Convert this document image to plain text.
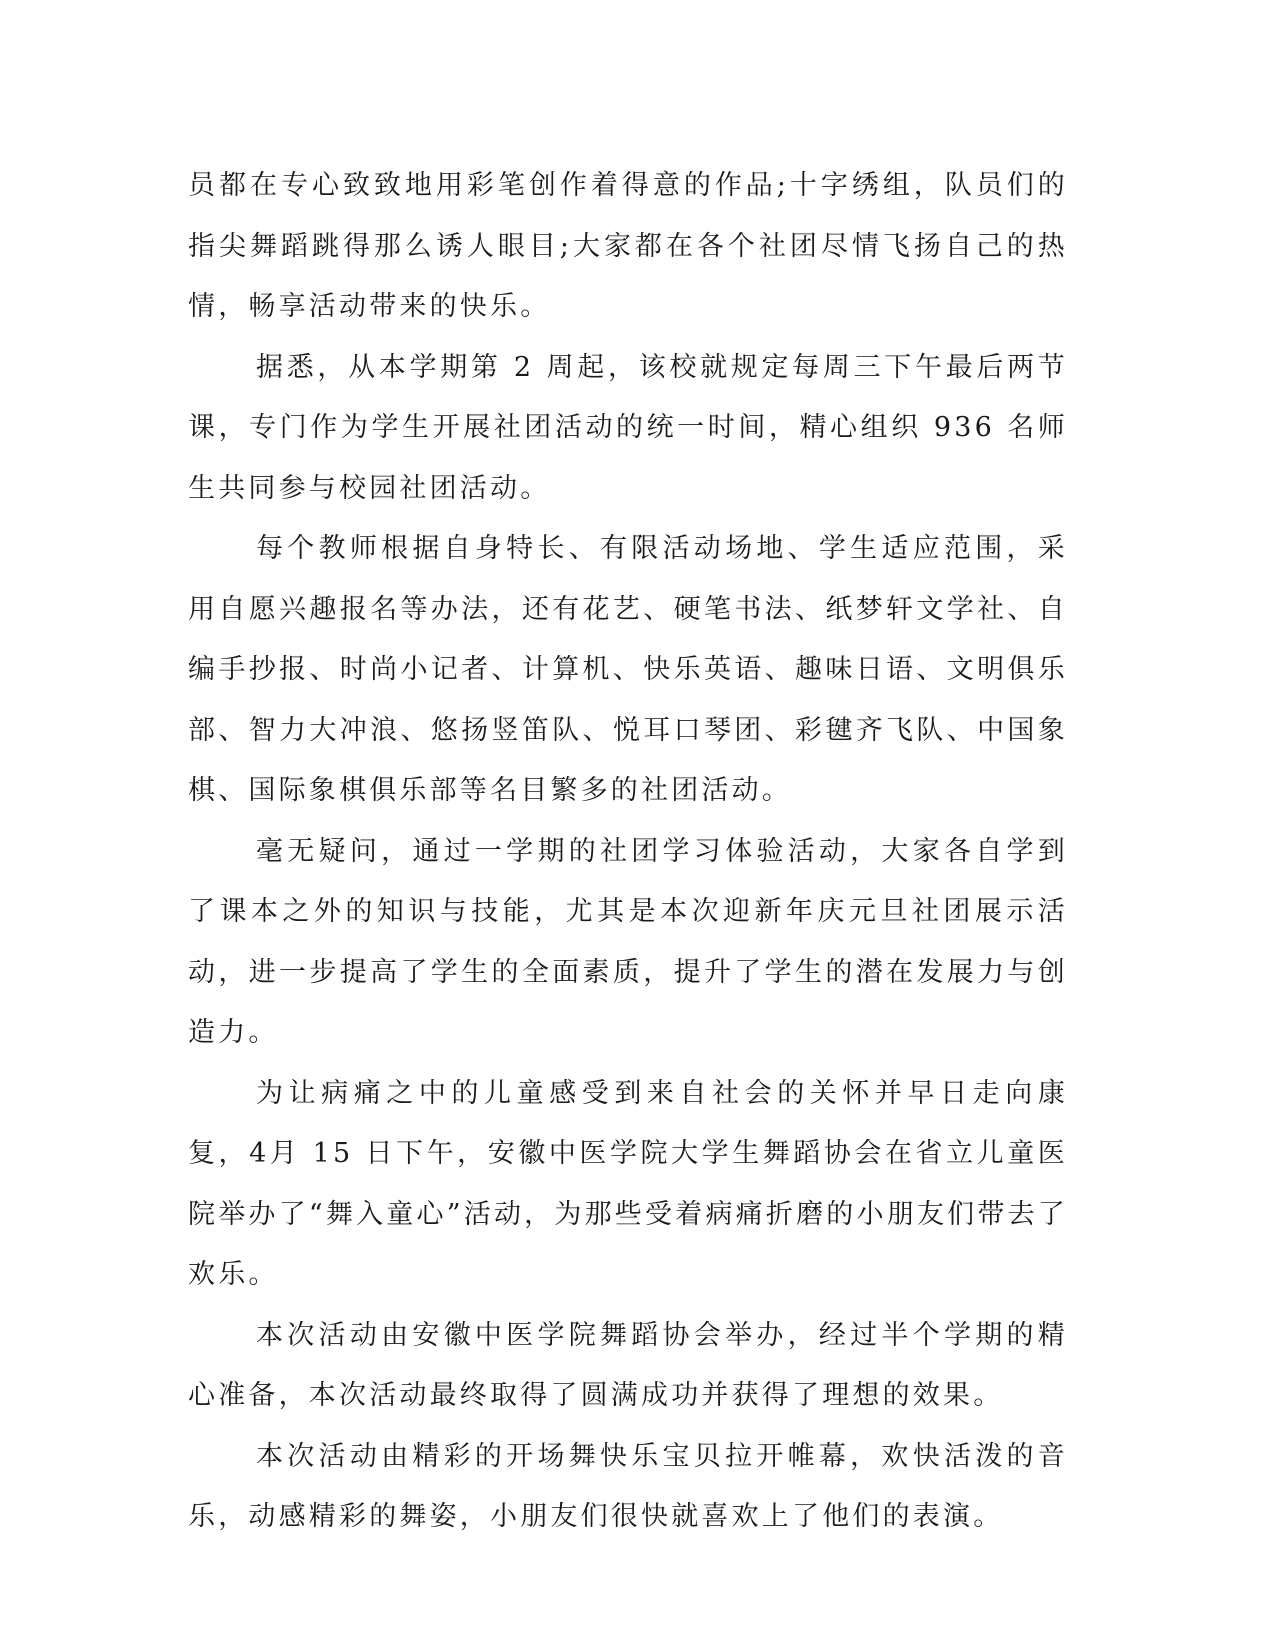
员都在专心致致地用彩笔创作着得意的作品;十字绣组，队员们的指尖舞蹈跳得那么诱人眼目;大家都在各个社团尽情飞扬自己的热情，畅享活动带来的快乐。

据悉，从本学期第 2 周起，该校就规定每周三下午最后两节课，专门作为学生开展社团活动的统一时间，精心组织 936 名师生共同参与校园社团活动。

每个教师根据自身特长、有限活动场地、学生适应范围，采用自愿兴趣报名等办法，还有花艺、硬笔书法、纸梦轩文学社、自编手抄报、时尚小记者、计算机、快乐英语、趣味日语、文明俱乐部、智力大冲浪、悠扬竖笛队、悦耳口琴团、彩毽齐飞队、中国象棋、国际象棋俱乐部等名目繁多的社团活动。

毫无疑问，通过一学期的社团学习体验活动，大家各自学到了课本之外的知识与技能，尤其是本次迎新年庆元旦社团展示活动，进一步提高了学生的全面素质，提升了学生的潜在发展力与创造力。

为让病痛之中的儿童感受到来自社会的关怀并早日走向康复，4月 15 日下午，安徽中医学院大学生舞蹈协会在省立儿童医院举办了“舞入童心”活动，为那些受着病痛折磨的小朋友们带去了欢乐。

本次活动由安徽中医学院舞蹈协会举办，经过半个学期的精心准备，本次活动最终取得了圆满成功并获得了理想的效果。

本次活动由精彩的开场舞快乐宝贝拉开帷幕，欢快活泼的音乐，动感精彩的舞姿，小朋友们很快就喜欢上了他们的表演。
